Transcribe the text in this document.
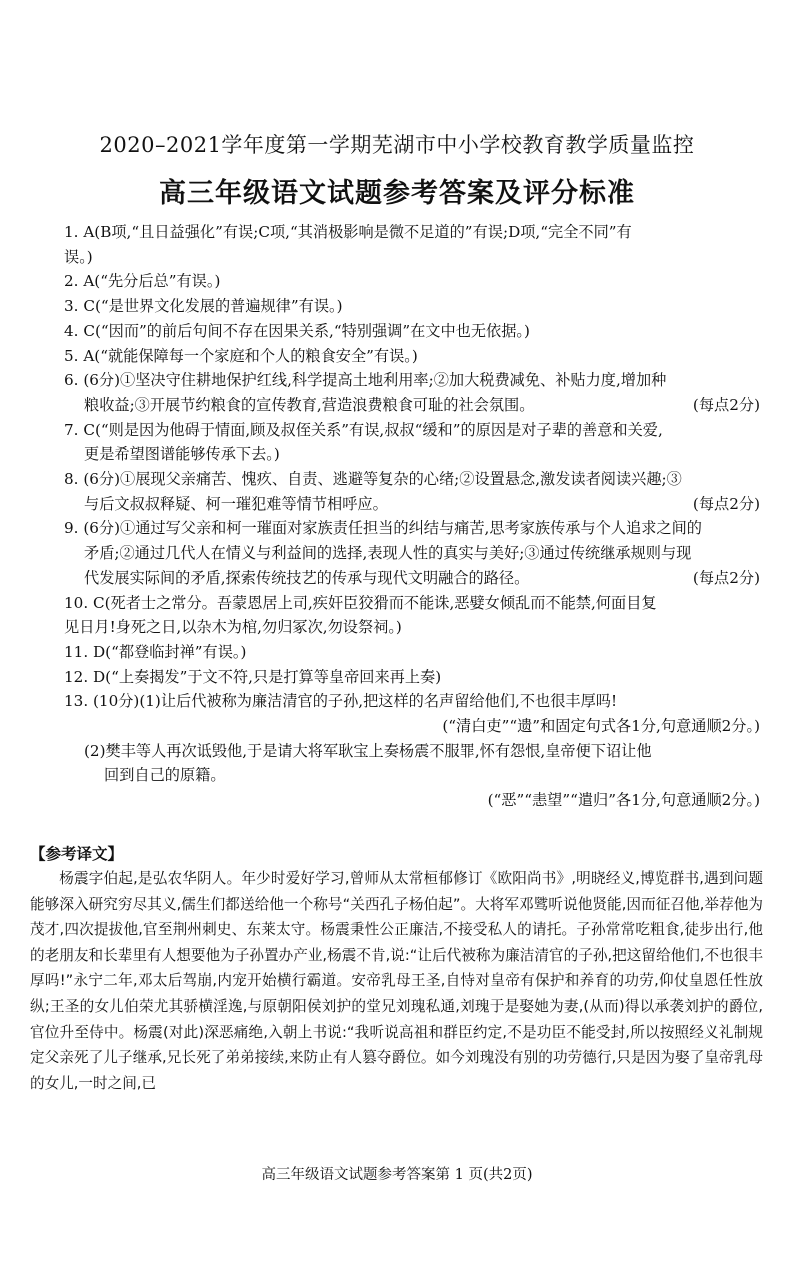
2020–2021学年度第一学期芜湖市中小学校教育教学质量监控
高三年级语文试题参考答案及评分标准
1. A(B项,“且日益强化”有误;C项,“其消极影响是微不足道的”有误;D项,“完全不同”有
误。)
2. A(“先分后总”有误。)
3. C(“是世界文化发展的普遍规律”有误。)
4. C(“因而”的前后句间不存在因果关系,“特别强调”在文中也无依据。)
5. A(“就能保障每一个家庭和个人的粮食安全”有误。)
6. (6分)①坚决守住耕地保护红线,科学提高土地利用率;②加大税费减免、补贴力度,增加种
(每点2分)
粮收益;③开展节约粮食的宣传教育,营造浪费粮食可耻的社会氛围。
7. C(“则是因为他碍于情面,顾及叔侄关系”有误,叔叔“缓和”的原因是对子辈的善意和关爱,
更是希望图谱能够传承下去。)
8. (6分)①展现父亲痛苦、愧疚、自责、逃避等复杂的心绪;②设置悬念,激发读者阅读兴趣;③
(每点2分)
与后文叔叔释疑、柯一璀犯难等情节相呼应。
9. (6分)①通过写父亲和柯一璀面对家族责任担当的纠结与痛苦,思考家族传承与个人追求之间的
矛盾;②通过几代人在情义与利益间的选择,表现人性的真实与美好;③通过传统继承规则与现
(每点2分)
代发展实际间的矛盾,探索传统技艺的传承与现代文明融合的路径。
10. C(死者士之常分。吾蒙恩居上司,疾奸臣狡猾而不能诛,恶嬖女倾乱而不能禁,何面目复
见日月!身死之日,以杂木为棺,勿归冢次,勿设祭祠。)
11. D(“都登临封禅”有误。)
12. D(“上奏揭发”于文不符,只是打算等皇帝回来再上奏)
13. (10分)(1)让后代被称为廉洁清官的子孙,把这样的名声留给他们,不也很丰厚吗!
(“清白吏”“遗”和固定句式各1分,句意通顺2分。)
(2)樊丰等人再次诋毁他,于是请大将军耿宝上奏杨震不服罪,怀有怨恨,皇帝便下诏让他
回到自己的原籍。
(“恶”“恚望”“遣归”各1分,句意通顺2分。)
【参考译文】

杨震字伯起,是弘农华阴人。年少时爱好学习,曾师从太常桓郁修订《欧阳尚书》,明晓经义,博览群书,遇到问题能够深入研究穷尽其义,儒生们都送给他一个称号“关西孔子杨伯起”。大将军邓骘听说他贤能,因而征召他,举荐他为茂才,四次提拔他,官至荆州刺史、东莱太守。杨震秉性公正廉洁,不接受私人的请托。子孙常常吃粗食,徒步出行,他的老朋友和长辈里有人想要他为子孙置办产业,杨震不肯,说:“让后代被称为廉洁清官的子孙,把这留给他们,不也很丰厚吗!”永宁二年,邓太后驾崩,内宠开始横行霸道。安帝乳母王圣,自恃对皇帝有保护和养育的功劳,仰仗皇恩任性放纵;王圣的女儿伯荣尤其骄横淫逸,与原朝阳侯刘护的堂兄刘瑰私通,刘瑰于是娶她为妻,(从而)得以承袭刘护的爵位,官位升至侍中。杨震(对此)深恶痛绝,入朝上书说:“我听说高祖和群臣约定,不是功臣不能受封,所以按照经义礼制规定父亲死了儿子继承,兄长死了弟弟接续,来防止有人篡夺爵位。如今刘瑰没有别的功劳德行,只是因为娶了皇帝乳母的女儿,一时之间,已

高三年级语文试题参考答案第 1 页(共2页)
